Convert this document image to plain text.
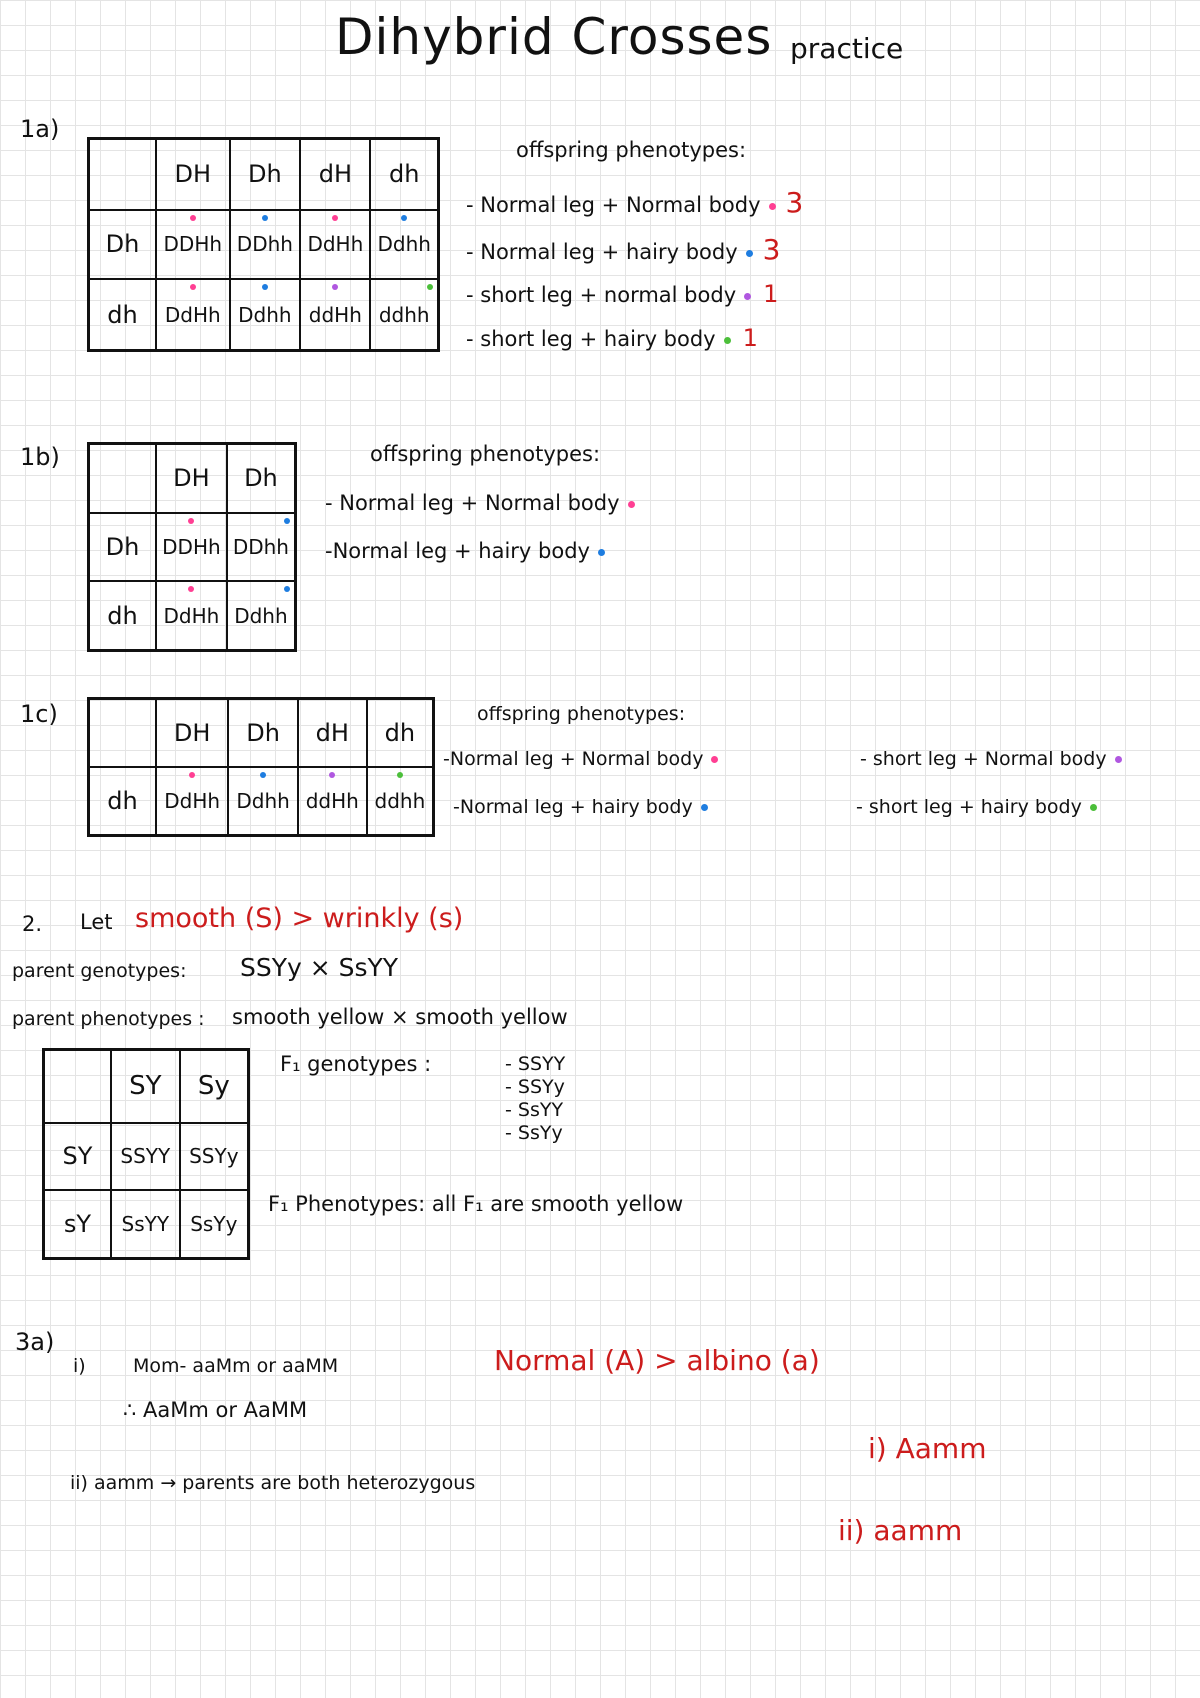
Dihybrid Crosses practice
1a)
	DH	Dh	dH	dh
Dh	DDHh	DDhh	DdHh	Ddhh
dh	DdHh	Ddhh	ddHh	ddhh
offspring phenotypes:
- Normal leg + Normal body 3
- Normal leg + hairy body 3
- short leg + normal body 1
- short leg + hairy body 1
1b)
	DH	Dh
Dh	DDHh	DDhh
dh	DdHh	Ddhh
offspring phenotypes:
- Normal leg + Normal body
-Normal leg + hairy body
1c)
	DH	Dh	dH	dh
dh	DdHh	Ddhh	ddHh	ddhh
offspring phenotypes:
-Normal leg + Normal body
-Normal leg + hairy body
- short leg + Normal body
- short leg + hairy body
2. Let smooth (S) > wrinkly (s)
parent genotypes: SSYy × SsYY
parent phenotypes : smooth yellow × smooth yellow
	SY	Sy
SY	SSYY	SSYy
sY	SsYY	SsYy
F₁ genotypes :	- SSYY
- SSYy
- SsYY
- SsYy
F₁ Phenotypes: all F₁ are smooth yellow
3a)
i) Mom- aaMm or aaMM	Normal (A) > albino (a)
∴ AaMm or AaMM
ii) aamm → parents are both heterozygous
i) Aamm
ii) aamm
